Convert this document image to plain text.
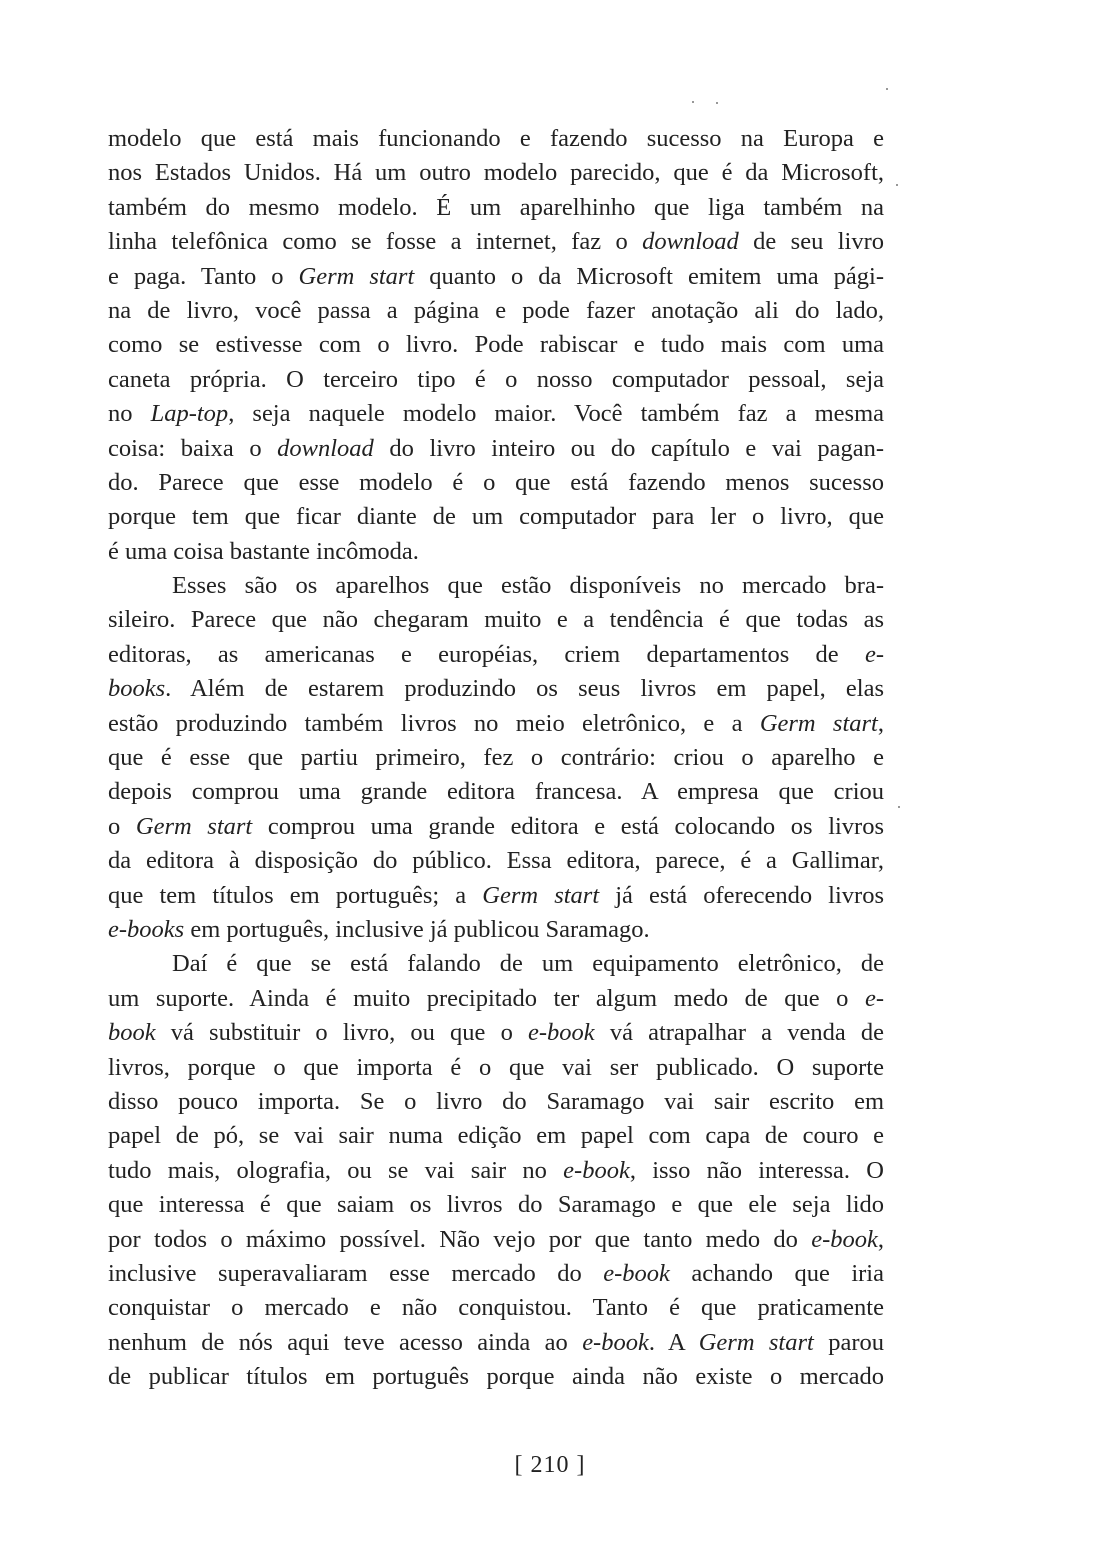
modelo que está mais funcionando e fazendo sucesso na Europa e
nos Estados Unidos. Há um outro modelo parecido, que é da Microsoft,
também do mesmo modelo. É um aparelhinho que liga também na
linha telefônica como se fosse a internet, faz o download de seu livro
e paga. Tanto o Germ start quanto o da Microsoft emitem uma pági-
na de livro, você passa a página e pode fazer anotação ali do lado,
como se estivesse com o livro. Pode rabiscar e tudo mais com uma
caneta própria. O terceiro tipo é o nosso computador pessoal, seja
no Lap-top, seja naquele modelo maior. Você também faz a mesma
coisa: baixa o download do livro inteiro ou do capítulo e vai pagan-
do. Parece que esse modelo é o que está fazendo menos sucesso
porque tem que ficar diante de um computador para ler o livro, que
é uma coisa bastante incômoda.
Esses são os aparelhos que estão disponíveis no mercado bra-
sileiro. Parece que não chegaram muito e a tendência é que todas as
editoras, as americanas e européias, criem departamentos de e-
books. Além de estarem produzindo os seus livros em papel, elas
estão produzindo também livros no meio eletrônico, e a Germ start,
que é esse que partiu primeiro, fez o contrário: criou o aparelho e
depois comprou uma grande editora francesa. A empresa que criou
o Germ start comprou uma grande editora e está colocando os livros
da editora à disposição do público. Essa editora, parece, é a Gallimar,
que tem títulos em português; a Germ start já está oferecendo livros
e-books em português, inclusive já publicou Saramago.
Daí é que se está falando de um equipamento eletrônico, de
um suporte. Ainda é muito precipitado ter algum medo de que o e-
book vá substituir o livro, ou que o e-book vá atrapalhar a venda de
livros, porque o que importa é o que vai ser publicado. O suporte
disso pouco importa. Se o livro do Saramago vai sair escrito em
papel de pó, se vai sair numa edição em papel com capa de couro e
tudo mais, olografia, ou se vai sair no e-book, isso não interessa. O
que interessa é que saiam os livros do Saramago e que ele seja lido
por todos o máximo possível. Não vejo por que tanto medo do e-book,
inclusive superavaliaram esse mercado do e-book achando que iria
conquistar o mercado e não conquistou. Tanto é que praticamente
nenhum de nós aqui teve acesso ainda ao e-book. A Germ start parou
de publicar títulos em português porque ainda não existe o mercado
[ 210 ]
